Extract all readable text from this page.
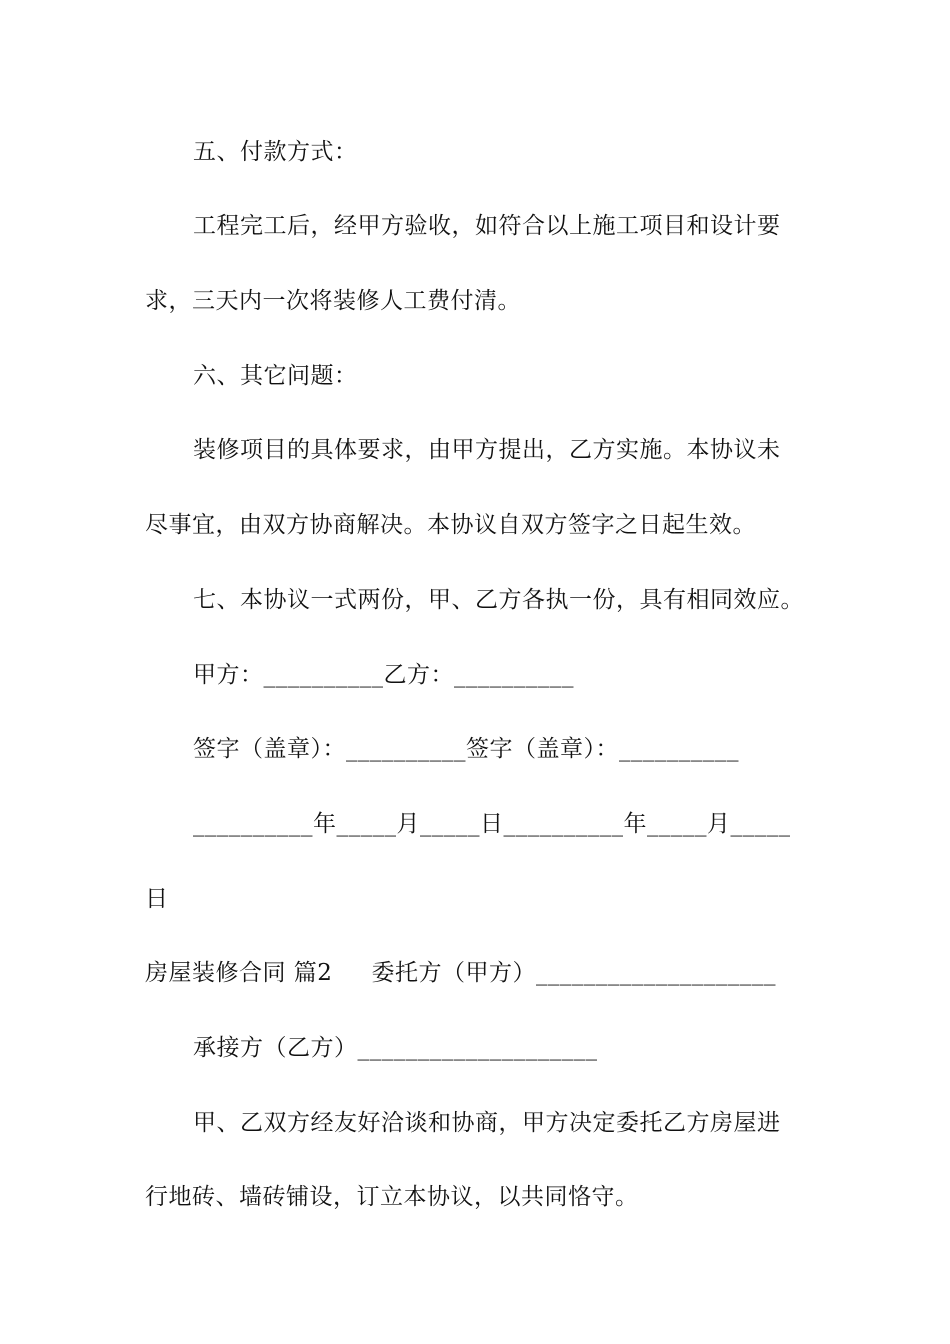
五、付款方式：
工程完工后，经甲方验收，如符合以上施工项目和设计要
求，三天内一次将装修人工费付清。
六、其它问题：
装修项目的具体要求，由甲方提出，乙方实施。本协议未
尽事宜，由双方协商解决。本协议自双方签字之日起生效。
七、本协议一式两份，甲、乙方各执一份，具有相同效应。
甲方：__________乙方：__________
签字（盖章）：__________签字（盖章）：__________
__________年_____月_____日__________年_____月_____
日
房屋装修合同 篇2     委托方（甲方）____________________
承接方（乙方）____________________
甲、乙双方经友好洽谈和协商，甲方决定委托乙方房屋进
行地砖、墙砖铺设，订立本协议，以共同恪守。
